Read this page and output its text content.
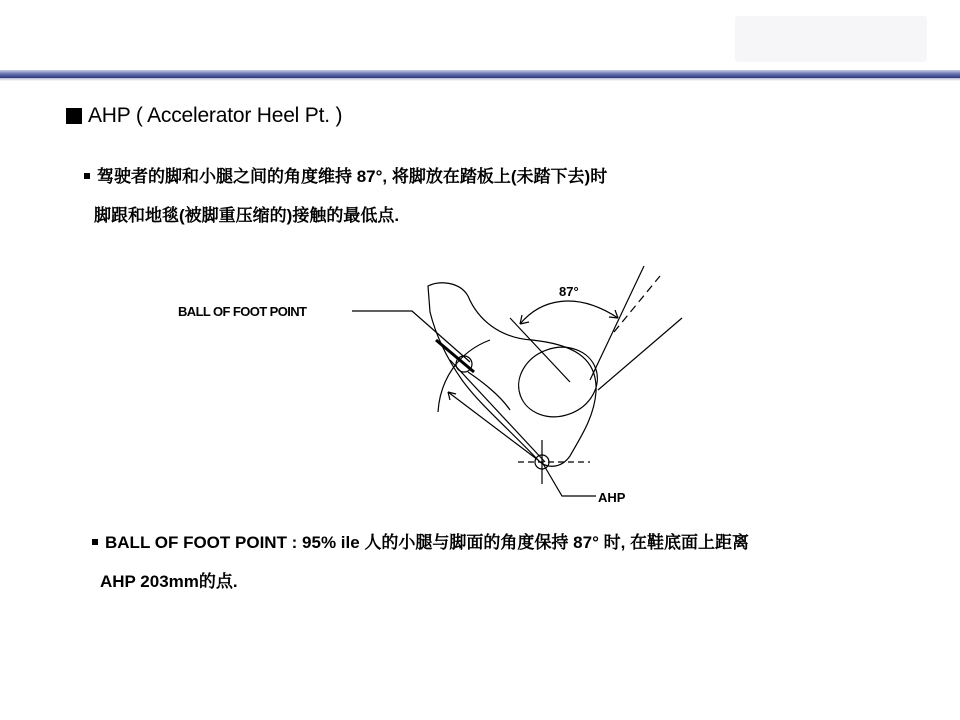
AHP ( Accelerator Heel Pt. )
驾驶者的脚和小腿之间的角度维持 87°, 将脚放在踏板上(未踏下去)时
脚跟和地毯(被脚重压缩的)接触的最低点.
BALL OF FOOT POINT
87°
AHP
BALL OF FOOT POINT : 95% ile 人的小腿与脚面的角度保持 87° 时, 在鞋底面上距离
AHP 203mm的点.
